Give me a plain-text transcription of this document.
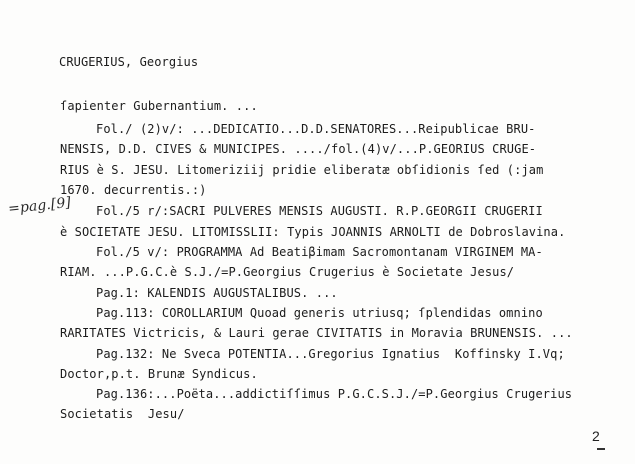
CRUGERIUS, Georgius
ſapienter Gubernantium. ...
Fol./ (2)v/: ...DEDICATIO...D.D.SENATORES...Reipublicae BRU-
NENSIS, D.D. CIVES & MUNICIPES. ..../fol.(4)v/...P.GEORIUS CRUGE-
RIUS è S. JESU. Litomeriziij pridie eliberatæ obſidionis ſed (:jam
1670. decurrentis.:)
Fol./5 r/:SACRI PULVERES MENSIS AUGUSTI. R.P.GEORGII CRUGERII
è SOCIETATE JESU. LITOMISSLII: Typis JOANNIS ARNOLTI de Dobroslavina.
Fol./5 v/: PROGRAMMA Ad Beatiβimam Sacromontanam VIRGINEM MA-
RIAM. ...P.G.C.è S.J./=P.Georgius Crugerius è Societate Jesus/
Pag.1: KALENDIS AUGUSTALIBUS. ...
Pag.113: COROLLARIUM Quoad generis utriusq; ſplendidas omnino
RARITATES Victricis, & Lauri gerae CIVITATIS in Moravia BRUNENSIS. ...
Pag.132: Ne Sveca POTENTIA...Gregorius Ignatius  Koffinsky I.Vq;
Doctor,p.t. Brunæ Syndicus.
Pag.136:...Poëta...addictiſſimus P.G.C.S.J./=P.Georgius Crugerius
Societatis  Jesu/
=pag.[9]
2
